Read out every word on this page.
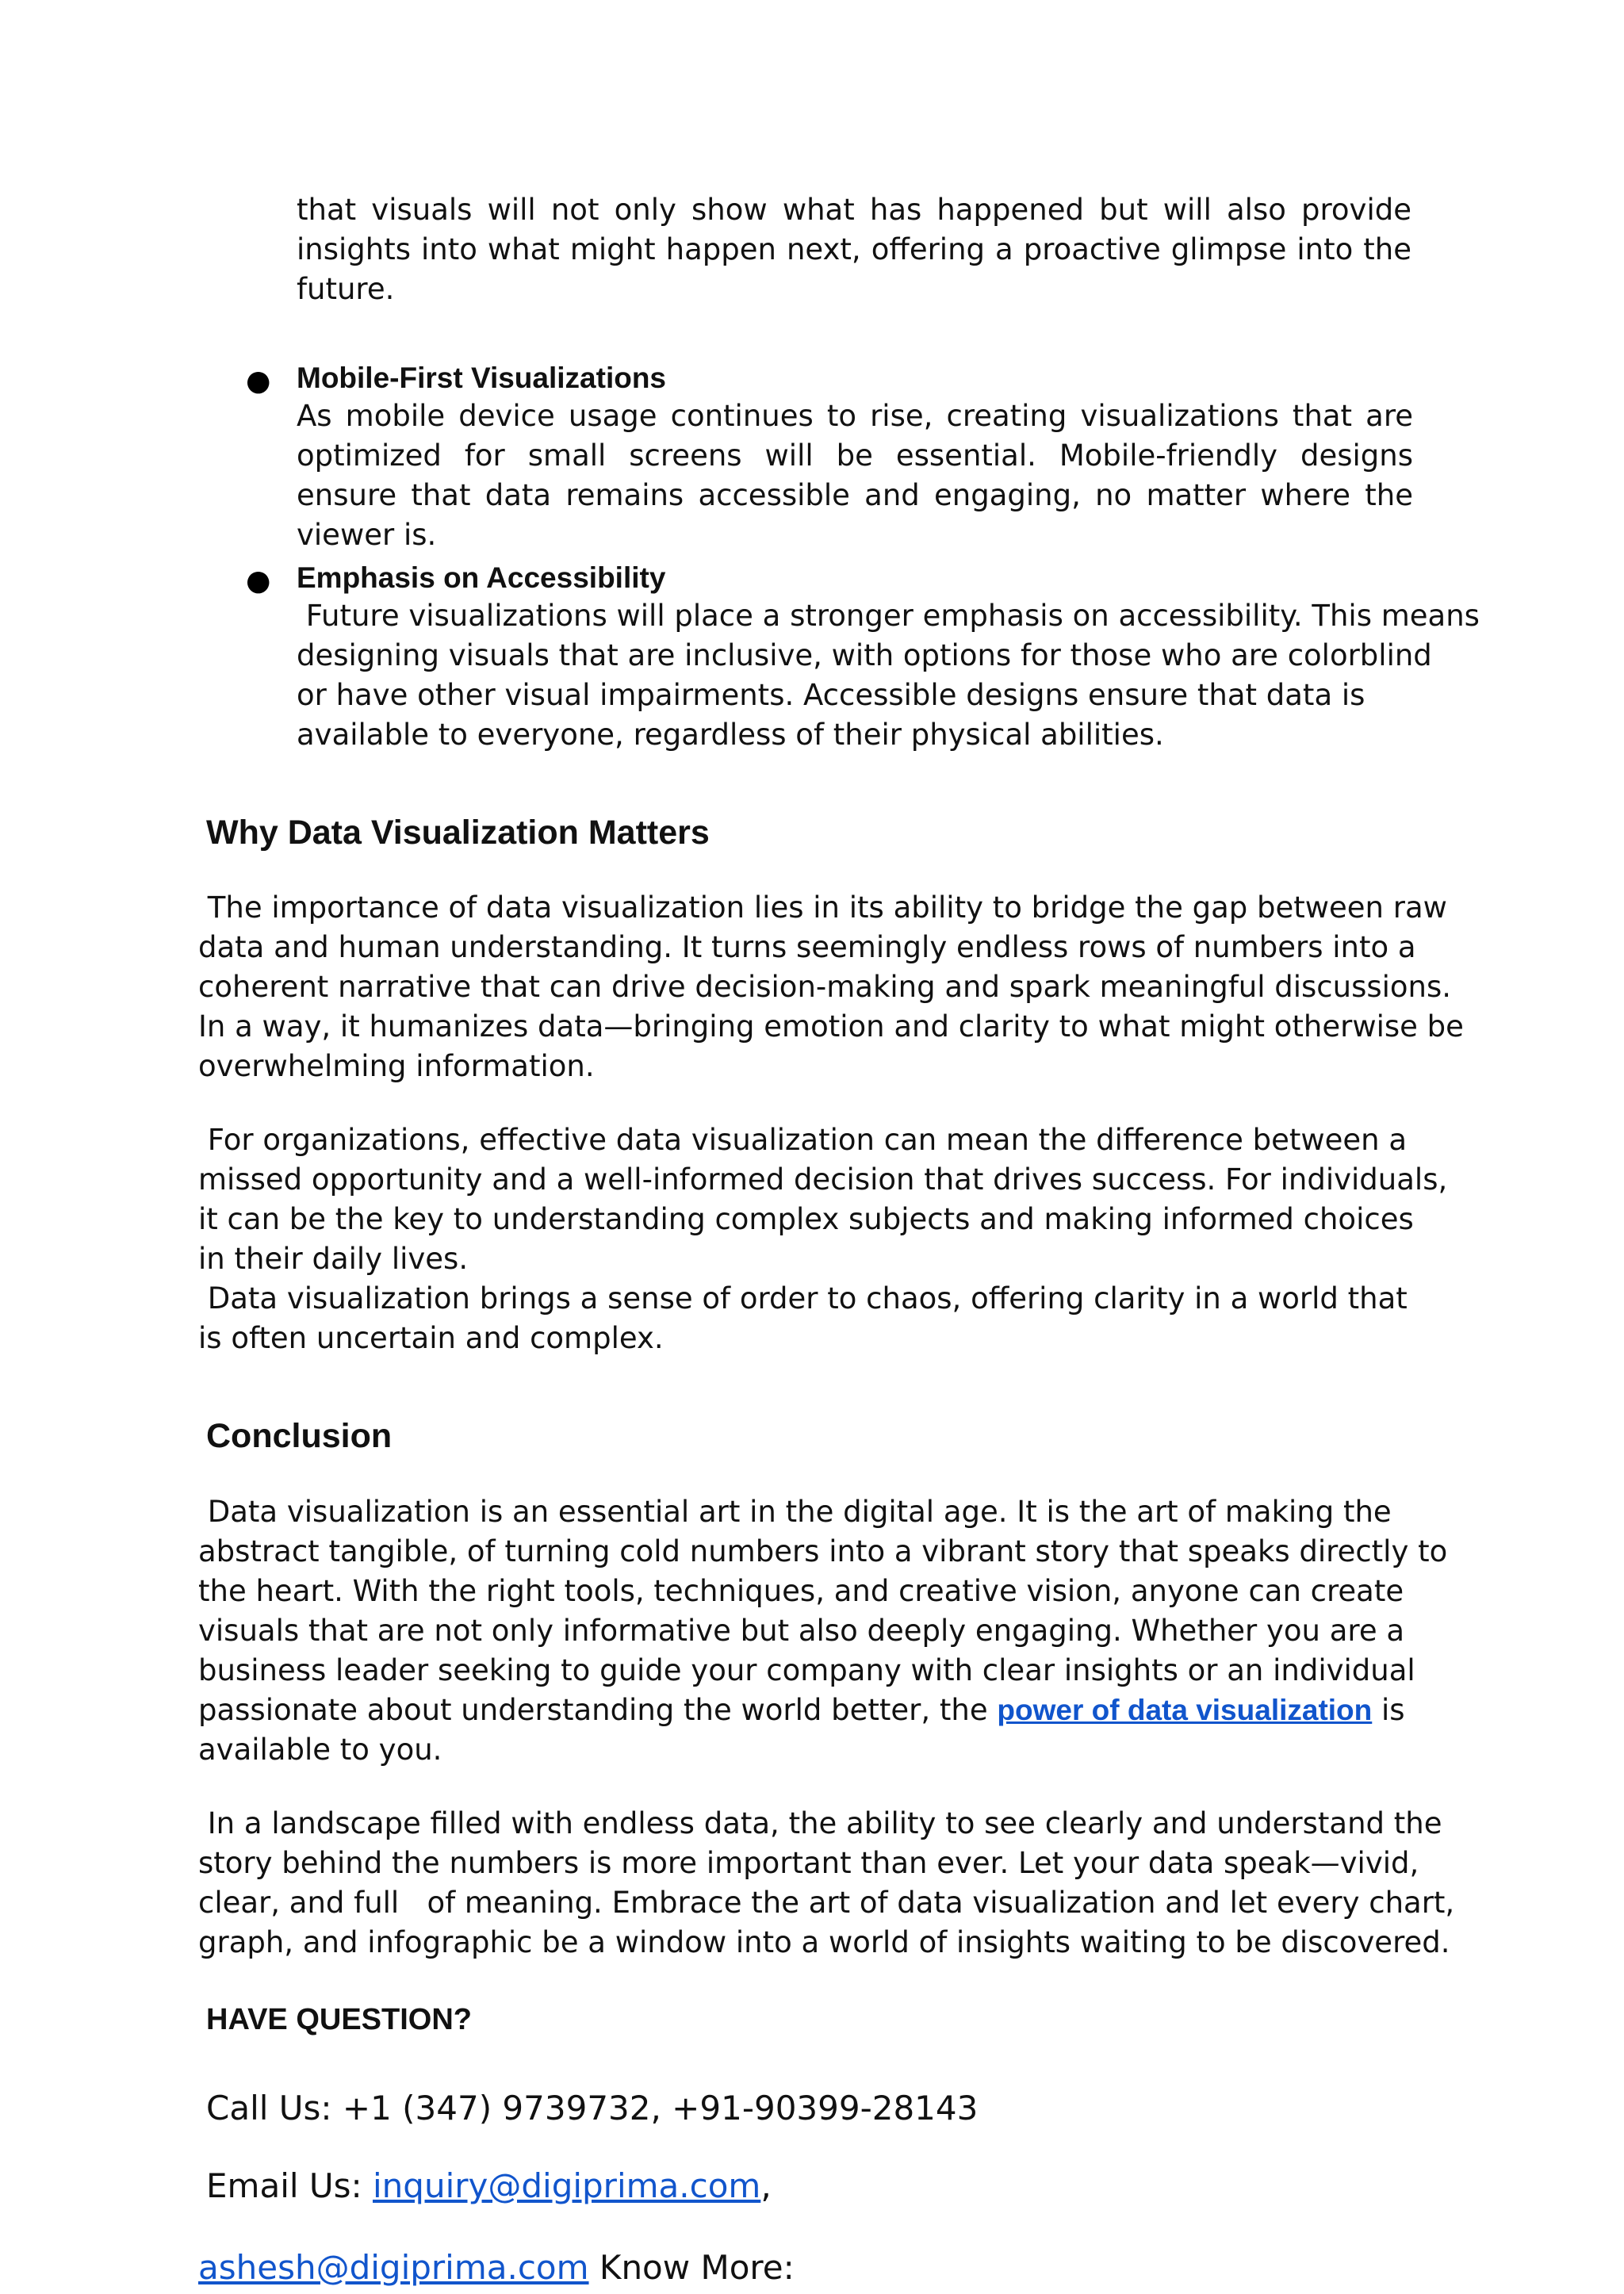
that visuals will not only show what has happened but will also provide insights into what might happen next, offering a proactive glimpse into the future.
● Mobile-First Visualizations
As mobile device usage continues to rise, creating visualizations that are optimized for small screens will be essential. Mobile-friendly designs ensure that data remains accessible and engaging, no matter where the viewer is.
● Emphasis on Accessibility
Future visualizations will place a stronger emphasis on accessibility. This means
designing visuals that are inclusive, with options for those who are colorblind
or have other visual impairments. Accessible designs ensure that data is
available to everyone, regardless of their physical abilities.
Why Data Visualization Matters
The importance of data visualization lies in its ability to bridge the gap between raw
data and human understanding. It turns seemingly endless rows of numbers into a
coherent narrative that can drive decision-making and spark meaningful discussions.
In a way, it humanizes data—bringing emotion and clarity to what might otherwise be
overwhelming information.
For organizations, effective data visualization can mean the difference between a
missed opportunity and a well-informed decision that drives success. For individuals,
it can be the key to understanding complex subjects and making informed choices
in their daily lives.
Data visualization brings a sense of order to chaos, offering clarity in a world that
is often uncertain and complex.
Conclusion
Data visualization is an essential art in the digital age. It is the art of making the
abstract tangible, of turning cold numbers into a vibrant story that speaks directly to
the heart. With the right tools, techniques, and creative vision, anyone can create
visuals that are not only informative but also deeply engaging. Whether you are a
business leader seeking to guide your company with clear insights or an individual
passionate about understanding the world better, the power of data visualization is
available to you.
In a landscape filled with endless data, the ability to see clearly and understand the
story behind the numbers is more important than ever. Let your data speak—vivid,
clear, and full   of meaning. Embrace the art of data visualization and let every chart,
graph, and infographic be a window into a world of insights waiting to be discovered.
HAVE QUESTION?
Call Us: +1 (347) 9739732, +91-90399-28143
Email Us: inquiry@digiprima.com,
ashesh@digiprima.com Know More:
